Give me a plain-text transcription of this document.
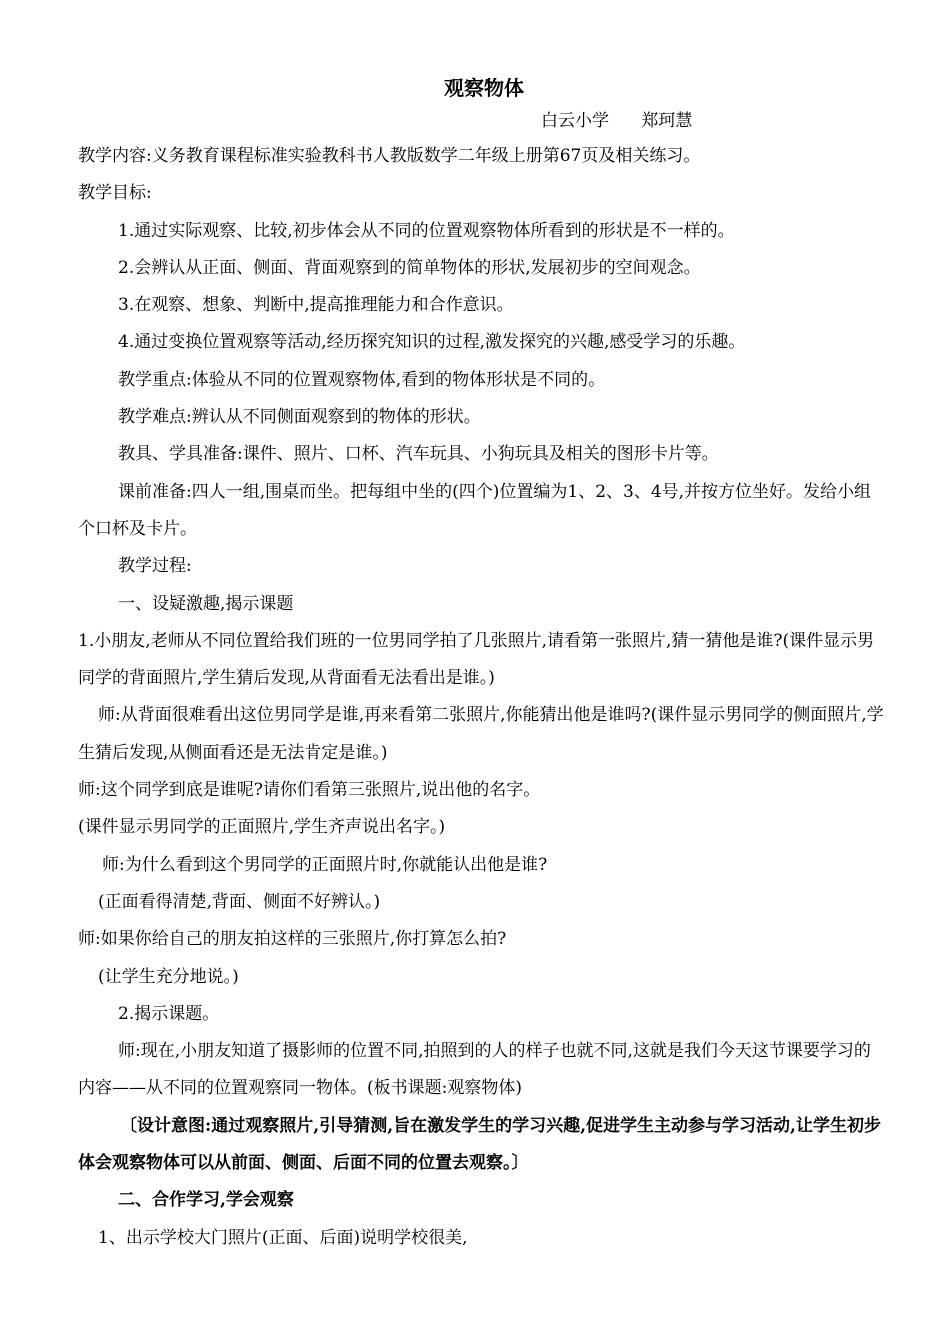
观察物体
白云小学      郑珂慧

教学内容:义务教育课程标准实验教科书人教版数学二年级上册第67页及相关练习。

教学目标:

1.通过实际观察、比较,初步体会从不同的位置观察物体所看到的形状是不一样的。

2.会辨认从正面、侧面、背面观察到的简单物体的形状,发展初步的空间观念。

3.在观察、想象、判断中,提高推理能力和合作意识。

4.通过变换位置观察等活动,经历探究知识的过程,激发探究的兴趣,感受学习的乐趣。

教学重点:体验从不同的位置观察物体,看到的物体形状是不同的。

教学难点:辨认从不同侧面观察到的物体的形状。

教具、学具准备:课件、照片、口杯、汽车玩具、小狗玩具及相关的图形卡片等。

课前准备:四人一组,围桌而坐。把每组中坐的(四个)位置编为1、2、3、4号,并按方位坐好。发给小组个口杯及卡片。

教学过程:

一、设疑激趣,揭示课题

1.小朋友,老师从不同位置给我们班的一位男同学拍了几张照片,请看第一张照片,猜一猜他是谁?(课件显示男同学的背面照片,学生猜后发现,从背面看无法看出是谁。)

师:从背面很难看出这位男同学是谁,再来看第二张照片,你能猜出他是谁吗?(课件显示男同学的侧面照片,学生猜后发现,从侧面看还是无法肯定是谁。)

师:这个同学到底是谁呢?请你们看第三张照片,说出他的名字。

(课件显示男同学的正面照片,学生齐声说出名字。)

师:为什么看到这个男同学的正面照片时,你就能认出他是谁?

(正面看得清楚,背面、侧面不好辨认。)

师:如果你给自己的朋友拍这样的三张照片,你打算怎么拍?

(让学生充分地说。)

2.揭示课题。

师:现在,小朋友知道了摄影师的位置不同,拍照到的人的样子也就不同,这就是我们今天这节课要学习的内容——从不同的位置观察同一物体。(板书课题:观察物体)

〔设计意图:通过观察照片,引导猜测,旨在激发学生的学习兴趣,促进学生主动参与学习活动,让学生初步体会观察物体可以从前面、侧面、后面不同的位置去观察。〕

二、合作学习,学会观察

1、出示学校大门照片(正面、后面)说明学校很美,
